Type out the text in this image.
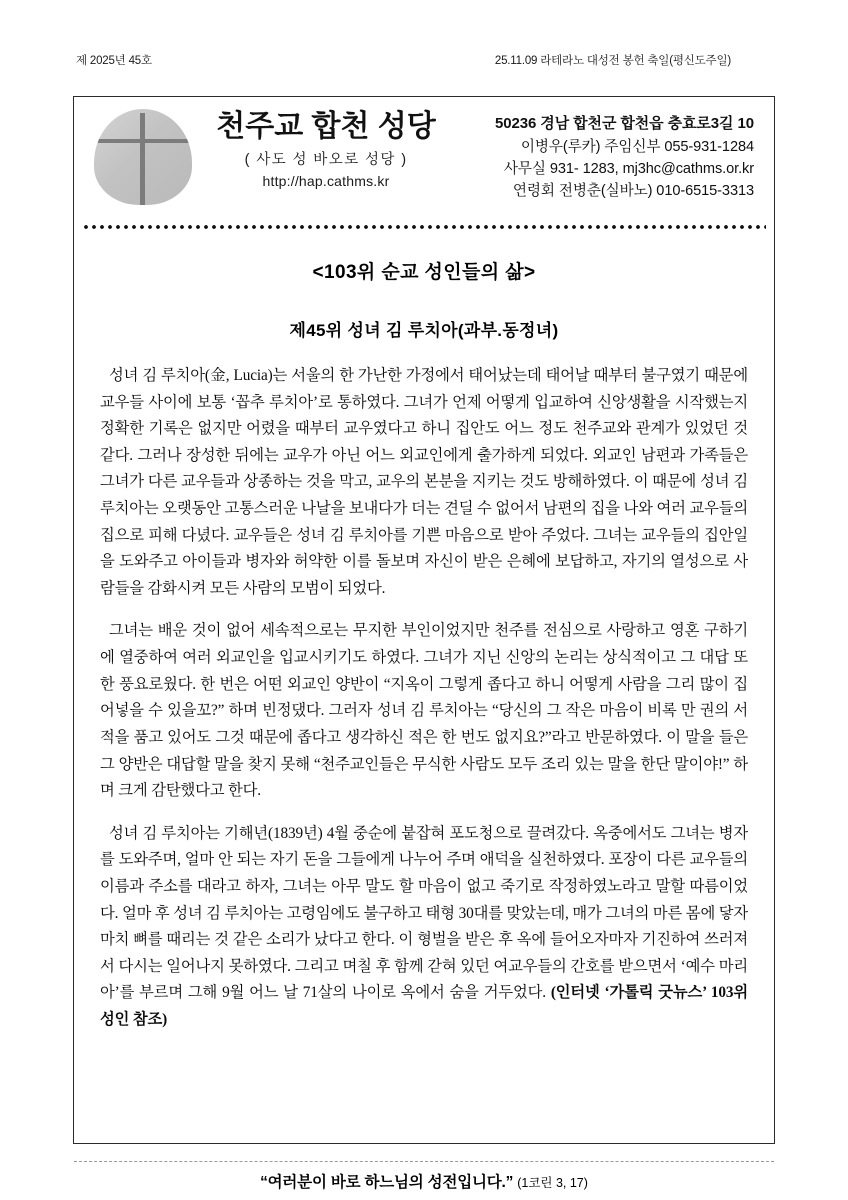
제 2025년 45호	25.11.09 라테라노 대성전 봉헌 축일(평신도주일)
천주교 합천 성당
( 사도 성 바오로 성당 )
http://hap.cathms.kr
50236 경남 합천군 합천읍 충효로3길 10
이병우(루카) 주임신부 055-931-1284
사무실 931- 1283, mj3hc@cathms.or.kr
연령회 전병춘(실바노) 010-6515-3313
<103위 순교 성인들의 삶>
제45위 성녀 김 루치아(과부.동정녀)

성녀 김 루치아(金, Lucia)는 서울의 한 가난한 가정에서 태어났는데 태어날 때부터 불구였기 때문에 교우들 사이에 보통 ‘꼽추 루치아’로 통하였다. 그녀가 언제 어떻게 입교하여 신앙생활을 시작했는지 정확한 기록은 없지만 어렸을 때부터 교우였다고 하니 집안도 어느 정도 천주교와 관계가 있었던 것 같다. 그러나 장성한 뒤에는 교우가 아닌 어느 외교인에게 출가하게 되었다. 외교인 남편과 가족들은 그녀가 다른 교우들과 상종하는 것을 막고, 교우의 본분을 지키는 것도 방해하였다. 이 때문에 성녀 김 루치아는 오랫동안 고통스러운 나날을 보내다가 더는 견딜 수 없어서 남편의 집을 나와 여러 교우들의 집으로 피해 다녔다. 교우들은 성녀 김 루치아를 기쁜 마음으로 받아 주었다. 그녀는 교우들의 집안일을 도와주고 아이들과 병자와 허약한 이를 돌보며 자신이 받은 은혜에 보답하고, 자기의 열성으로 사람들을 감화시켜 모든 사람의 모범이 되었다.

그녀는 배운 것이 없어 세속적으로는 무지한 부인이었지만 천주를 전심으로 사랑하고 영혼 구하기에 열중하여 여러 외교인을 입교시키기도 하였다. 그녀가 지닌 신앙의 논리는 상식적이고 그 대답 또한 풍요로웠다. 한 번은 어떤 외교인 양반이 “지옥이 그렇게 좁다고 하니 어떻게 사람을 그리 많이 집어넣을 수 있을꼬?” 하며 빈정댔다. 그러자 성녀 김 루치아는 “당신의 그 작은 마음이 비록 만 권의 서적을 품고 있어도 그것 때문에 좁다고 생각하신 적은 한 번도 없지요?”라고 반문하였다. 이 말을 들은 그 양반은 대답할 말을 찾지 못해 “천주교인들은 무식한 사람도 모두 조리 있는 말을 한단 말이야!” 하며 크게 감탄했다고 한다.

성녀 김 루치아는 기해년(1839년) 4월 중순에 붙잡혀 포도청으로 끌려갔다. 옥중에서도 그녀는 병자를 도와주며, 얼마 안 되는 자기 돈을 그들에게 나누어 주며 애덕을 실천하였다. 포장이 다른 교우들의 이름과 주소를 대라고 하자, 그녀는 아무 말도 할 마음이 없고 죽기로 작정하였노라고 말할 따름이었다. 얼마 후 성녀 김 루치아는 고령임에도 불구하고 태형 30대를 맞았는데, 매가 그녀의 마른 몸에 닿자 마치 뼈를 때리는 것 같은 소리가 났다고 한다. 이 형벌을 받은 후 옥에 들어오자마자 기진하여 쓰러져서 다시는 일어나지 못하였다. 그리고 며칠 후 함께 갇혀 있던 여교우들의 간호를 받으면서 ‘예수 마리아’를 부르며 그해 9월 어느 날 71살의 나이로 옥에서 숨을 거두었다. (인터넷 ‘가톨릭 굿뉴스’ 103위 성인 참조)

“여러분이 바로 하느님의 성전입니다.” (1코린 3, 17)
